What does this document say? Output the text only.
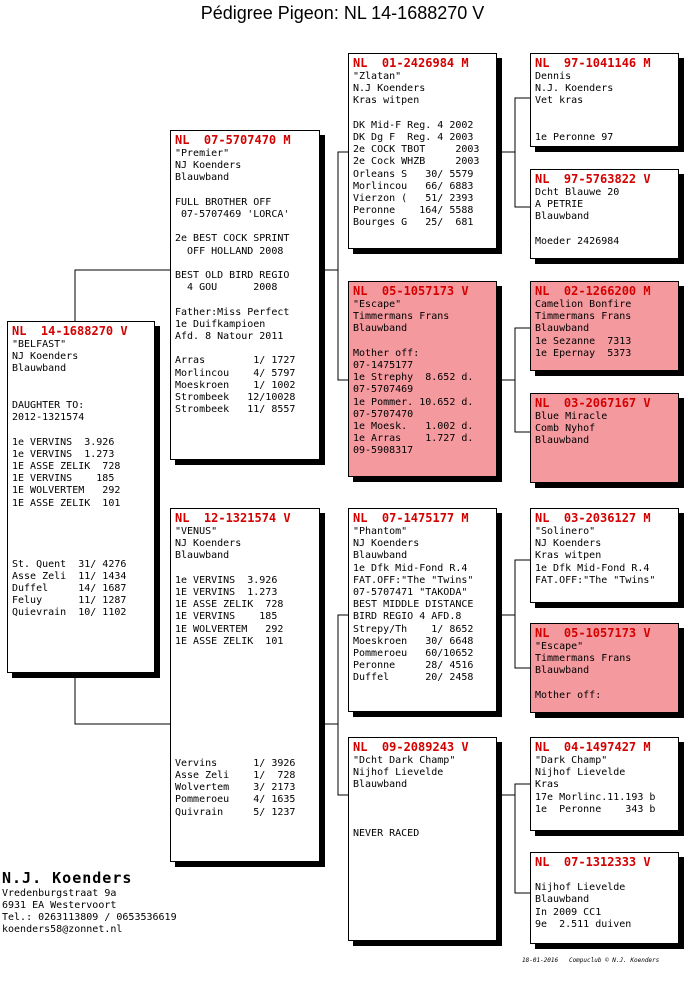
Pédigree Pigeon: NL 14-1688270 V
NL  14-1688270 V
"BELFAST"
NJ Koenders
Blauwband
DAUGHTER TO:
2012-1321574
1e VERVINS  3.926
1e VERVINS  1.273
1E ASSE ZELIK  728
1E VERVINS    185
1E WOLVERTEM   292
1E ASSE ZELIK  101
St. Quent  31/ 4276
Asse Zeli  11/ 1434
Duffel     14/ 1687
Feluy      11/ 1287
Quievrain  10/ 1102
NL  07-5707470 M
"Premier"
NJ Koenders
Blauwband
FULL BROTHER OFF
07-5707469 'LORCA'
2e BEST COCK SPRINT
OFF HOLLAND 2008
BEST OLD BIRD REGIO
4 GOU      2008
Father:Miss Perfect
1e Duifkampioen
Afd. 8 Natour 2011
Arras        1/ 1727
Morlincou    4/ 5797
Moeskroen    1/ 1002
Strombeek   12/10028
Strombeek   11/ 8557
NL  12-1321574 V
"VENUS"
NJ Koenders
Blauwband
1e VERVINS  3.926
1E VERVINS  1.273
1E ASSE ZELIK  728
1E VERVINS    185
1E WOLVERTEM   292
1E ASSE ZELIK  101
Vervins      1/ 3926
Asse Zeli    1/  728
Wolvertem    3/ 2173
Pommeroeu    4/ 1635
Quivrain     5/ 1237
NL  01-2426984 M
"Zlatan"
N.J Koenders
Kras witpen
DK Mid-F Reg. 4 2002
DK Dg F  Reg. 4 2003
2e COCK TBOT     2003
2e Cock WHZB     2003
Orleans S   30/ 5579
Morlincou   66/ 6883
Vierzon (   51/ 2393
Peronne    164/ 5588
Bourges G   25/  681
NL  05-1057173 V
"Escape"
Timmermans Frans
Blauwband
Mother off:
07-1475177
1e Strephy  8.652 d.
07-5707469
1e Pommer. 10.652 d.
07-5707470
1e Moesk.   1.002 d.
1e Arras    1.727 d.
09-5908317
NL  07-1475177 M
"Phantom"
NJ Koenders
Blauwband
1e Dfk Mid-Fond R.4
FAT.OFF:"The "Twins"
07-5707471 "TAKODA"
BEST MIDDLE DISTANCE
BIRD REGIO 4 AFD.8
Strepy/Th    1/ 8652
Moeskroen   30/ 6648
Pommeroeu   60/10652
Peronne     28/ 4516
Duffel      20/ 2458
NL  09-2089243 V
"Dcht Dark Champ"
Nijhof Lievelde
Blauwband
NEVER RACED
NL  97-1041146 M
Dennis
N.J. Koenders
Vet kras
1e Peronne 97
NL  97-5763822 V
Dcht Blauwe 20
A PETRIE
Blauwband
Moeder 2426984
NL  02-1266200 M
Camelion Bonfire
Timmermans Frans
Blauwband
1e Sezanne  7313
1e Epernay  5373
NL  03-2067167 V
Blue Miracle
Comb Nyhof
Blauwband
NL  03-2036127 M
"Solinero"
NJ Koenders
Kras witpen
1e Dfk Mid-Fond R.4
FAT.OFF:"The "Twins"
NL  05-1057173 V
"Escape"
Timmermans Frans
Blauwband
Mother off:
NL  04-1497427 M
"Dark Champ"
Nijhof Lievelde
Kras
17e Morlinc.11.193 b
1e  Peronne    343 b
NL  07-1312333 V
Nijhof Lievelde
Blauwband
In 2009 CC1
9e  2.511 duiven
N.J. Koenders
Vredenburgstraat 9a
6931 EA Westervoort
Tel.: 0263113809 / 0653536619
koenders58@zonnet.nl
18-01-2016   Compuclub © N.J. Koenders
